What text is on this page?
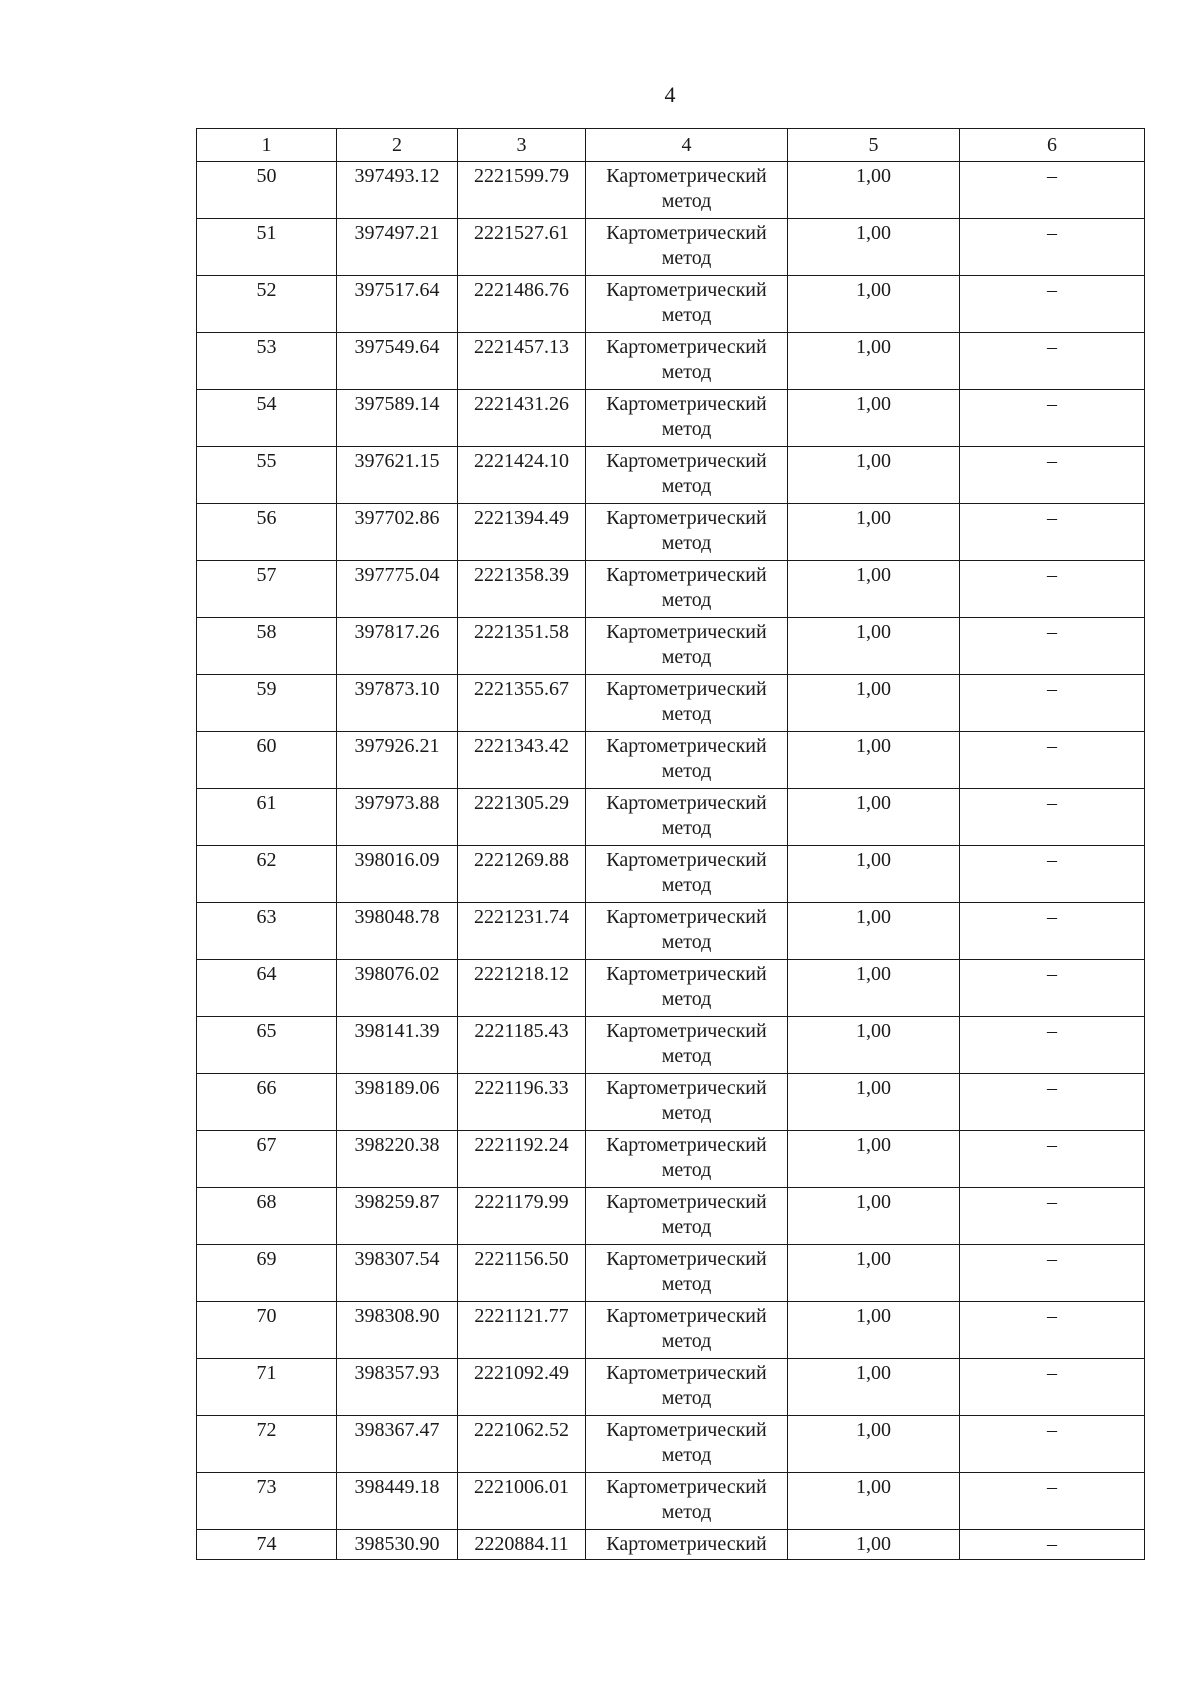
4
1	2	3	4	5	6
50	397493.12	2221599.79	Картометрический метод	1,00	–
51	397497.21	2221527.61	Картометрический метод	1,00	–
52	397517.64	2221486.76	Картометрический метод	1,00	–
53	397549.64	2221457.13	Картометрический метод	1,00	–
54	397589.14	2221431.26	Картометрический метод	1,00	–
55	397621.15	2221424.10	Картометрический метод	1,00	–
56	397702.86	2221394.49	Картометрический метод	1,00	–
57	397775.04	2221358.39	Картометрический метод	1,00	–
58	397817.26	2221351.58	Картометрический метод	1,00	–
59	397873.10	2221355.67	Картометрический метод	1,00	–
60	397926.21	2221343.42	Картометрический метод	1,00	–
61	397973.88	2221305.29	Картометрический метод	1,00	–
62	398016.09	2221269.88	Картометрический метод	1,00	–
63	398048.78	2221231.74	Картометрический метод	1,00	–
64	398076.02	2221218.12	Картометрический метод	1,00	–
65	398141.39	2221185.43	Картометрический метод	1,00	–
66	398189.06	2221196.33	Картометрический метод	1,00	–
67	398220.38	2221192.24	Картометрический метод	1,00	–
68	398259.87	2221179.99	Картометрический метод	1,00	–
69	398307.54	2221156.50	Картометрический метод	1,00	–
70	398308.90	2221121.77	Картометрический метод	1,00	–
71	398357.93	2221092.49	Картометрический метод	1,00	–
72	398367.47	2221062.52	Картометрический метод	1,00	–
73	398449.18	2221006.01	Картометрический метод	1,00	–
74	398530.90	2220884.11	Картометрический	1,00	–
